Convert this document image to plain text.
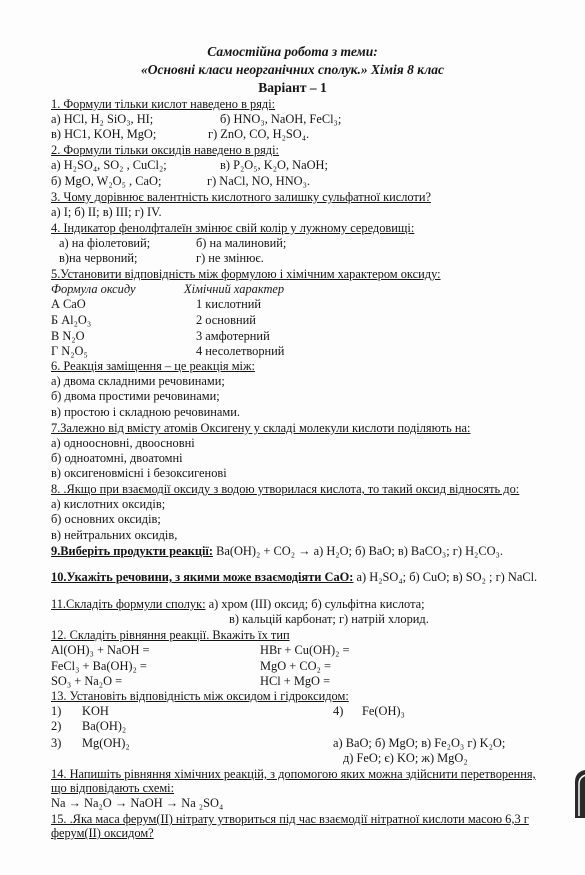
Самостійна робота з теми:
«Основні класи неорганічних сполук.» Хімія 8 клас
Варіант – 1
1. Формули тільки кислот наведено в ряді:
а) HCl, H₂ SiO₃, HI;	б) HNO₃, NaOH, FeCl₃;
в) HC1, KOH, MgO;	г) ZnO, CO, H₂SO₄.
2. Формули тільки оксидів наведено в ряді:
а) H₂SO₄, SO₂ , CuCl₂;	в) P₂O₅, K₂O, NaOH;
б) MgO, W₂O₅ , CaO;	г) NaCl, NO, HNO₃.
3. Чому дорівнює валентність кислотного залишку сульфатної кислоти?
а) I; б) II; в) III; г) IV.
4. Індикатор фенолфталеїн змінює свій колір у лужному середовищі:
а) на фіолетовий;	б) на малиновий;
в)на червоний;	г) не змінює.
5.Установити відповідність між формулою і хімічним характером оксиду:
Формула оксиду	Хімічний характер
А CaO	1 кислотний
Б Al₂O₃	2 основний
В N₂O	3 амфотерний
Г N₂O₅	4 несолетворний
6. Реакція заміщення – це реакція між:
а) двома складними речовинами;
б) двома простими речовинами;
в) простою і складною речовинами.
7.Залежно від вмісту атомів Оксигену у складі молекули кислоти поділяють на:
а) одноосновні, двоосновні
б) одноатомні, двоатомні
в) оксигеновмісні і безоксигенові
8. .Якщо при взаємодії оксиду з водою утворилася кислота, то такий оксид відносять до:
а) кислотних оксидів;
б) основних оксидів;
в) нейтральних оксидів,
9.Виберіть продукти реакції: Ba(OH)₂ + CO₂ → а) H₂O; б) BaO; в) BaCO₃; г) H₂CO₃.
10.Укажіть речовини, з якими може взаємодіяти CaO: а) H₂SO₄; б) CuO; в) SO₂ ; г) NaCl.
11.Складіть формули сполук: а) хром (III) оксид; б) сульфітна кислота;
в) кальцій карбонат; г) натрій хлорид.
12. Складіть рівняння реакції. Вкажіть їх тип
Al(OH)₃ + NaOH =	HBr + Cu(OH)₂ =
FeCl₃ + Ba(OH)₂ =	MgO + CO₂ =
SO₃ + Na₂O =	HCl + MgO =
13. Установіть відповідність між оксидом і гідроксидом:
1) KOH	4) Fe(OH)₃
2) Ba(OH)₂
3) Mg(OH)₂	а) BaO; б) MgO; в) Fe₂O₃ г) K₂O;
д) FeO; є) KO; ж) MgO₂
14. Напишіть рівняння хімічних реакцій, з допомогою яких можна здійснити перетворення,
що відповідають схемі:
Na → Na₂O → NaOH → Na ₂SO₄
15. .Яка маса ферум(II) нітрату утвориться під час взаємодії нітратної кислоти масою 6,3 г
ферум(II) оксидом?
